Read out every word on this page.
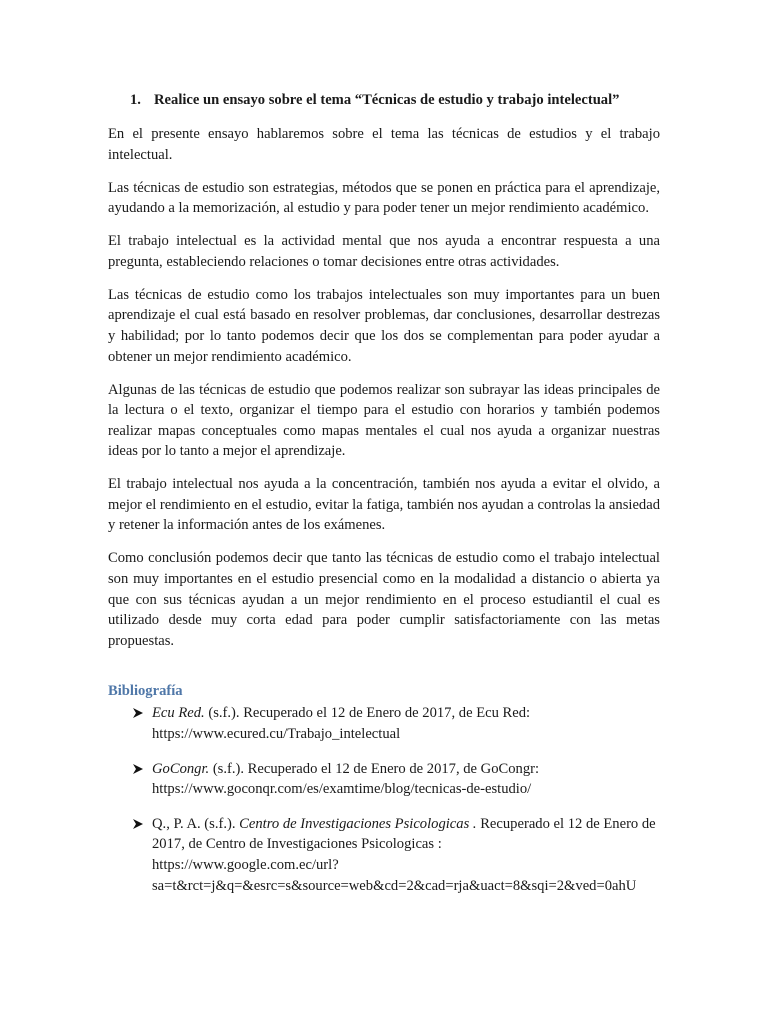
1. Realice un ensayo sobre el tema “Técnicas de estudio y trabajo intelectual”

En el presente ensayo hablaremos sobre el tema las técnicas de estudios y el trabajo intelectual.

Las técnicas de estudio son estrategias, métodos que se ponen en práctica para el aprendizaje, ayudando a la memorización, al estudio y para poder tener un mejor rendimiento académico.

El trabajo intelectual es la actividad mental que nos ayuda a encontrar respuesta a una pregunta, estableciendo relaciones o tomar decisiones entre otras actividades.

Las técnicas de estudio como los trabajos intelectuales son muy importantes para un buen aprendizaje el cual está basado en resolver problemas, dar conclusiones, desarrollar destrezas y habilidad; por lo tanto podemos decir que los dos se complementan para poder ayudar a obtener un mejor rendimiento académico.

Algunas de las técnicas de estudio que podemos realizar son subrayar las ideas principales de la lectura o el texto, organizar el tiempo para el estudio con horarios y también podemos realizar mapas conceptuales como mapas mentales el cual nos ayuda a organizar nuestras ideas por lo tanto a mejor el aprendizaje.

El trabajo intelectual nos ayuda a la concentración, también nos ayuda a evitar el olvido, a mejor el rendimiento en el estudio, evitar la fatiga, también nos ayudan a controlas la ansiedad y retener la información antes de los exámenes.

Como conclusión podemos decir que tanto las técnicas de estudio como el trabajo intelectual son muy importantes en el estudio presencial como en la modalidad a distancio o abierta ya que con sus técnicas ayudan a un mejor rendimiento en el proceso estudiantil el cual es utilizado desde muy corta edad para poder cumplir satisfactoriamente con las metas propuestas.

Bibliografía
Ecu Red. (s.f.). Recuperado el 12 de Enero de 2017, de Ecu Red:
https://www.ecured.cu/Trabajo_intelectual
GoCongr. (s.f.). Recuperado el 12 de Enero de 2017, de GoCongr:
https://www.goconqr.com/es/examtime/blog/tecnicas-de-estudio/
Q., P. A. (s.f.). Centro de Investigaciones Psicologicas . Recuperado el 12 de Enero de 2017, de Centro de Investigaciones Psicologicas :
https://www.google.com.ec/url?
sa=t&rct=j&q=&esrc=s&source=web&cd=2&cad=rja&uact=8&sqi=2&ved=0ahU
